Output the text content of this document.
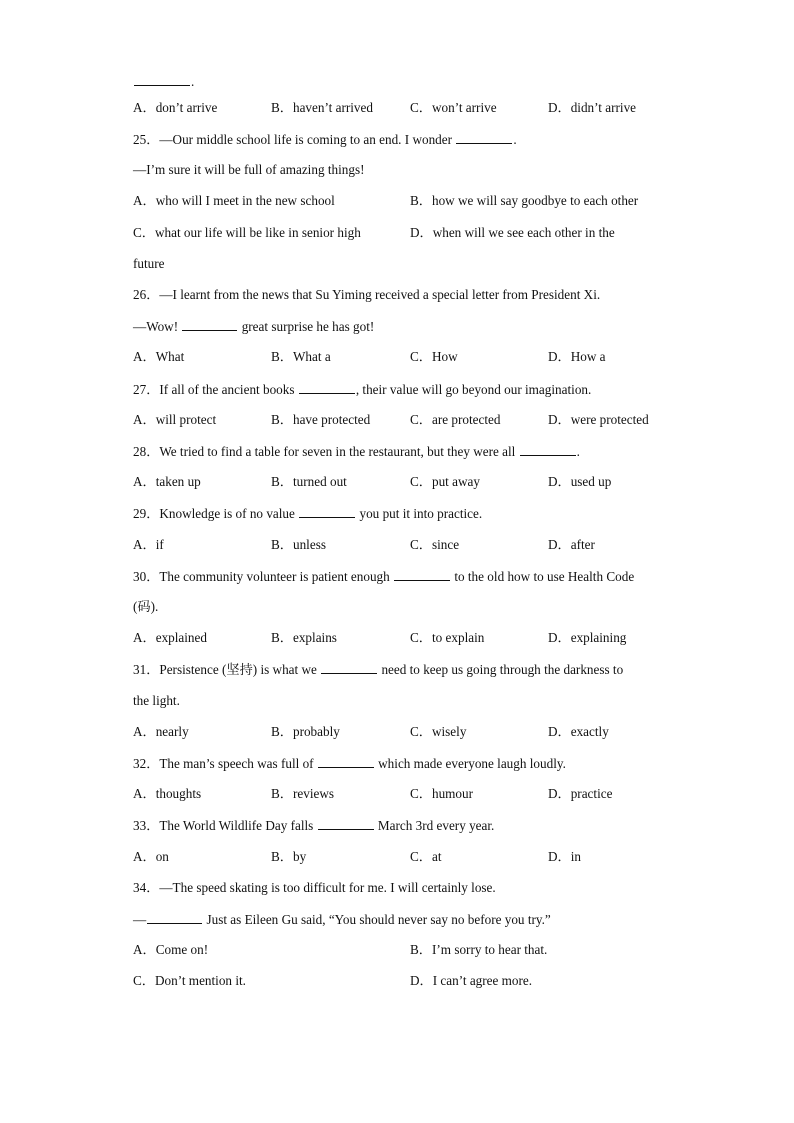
.
A．don’t arrive	B．haven’t arrived	C．won’t arrive	D．didn’t arrive
25．—Our middle school life is coming to an end. I wonder	.
—I’m sure it will be full of amazing things!
A．who will I meet in the new school	B．how we will say goodbye to each other
C．what our life will be like in senior high	D．when will we see each other in the
future
26．—I learnt from the news that Su Yiming received a special letter from President Xi.
—Wow!	great surprise he has got!
A．What	B．What a	C．How	D．How a
27．If all of the ancient books	, their value will go beyond our imagination.
A．will protect	B．have protected	C．are protected	D．were protected
28．We tried to find a table for seven in the restaurant, but they were all	.
A．taken up	B．turned out	C．put away	D．used up
29．Knowledge is of no value	you put it into practice.
A．if	B．unless	C．since	D．after
30．The community volunteer is patient enough	to the old how to use Health Code
(码).
A．explained	B．explains	C．to explain	D．explaining
31．Persistence (坚持) is what we	need to keep us going through the darkness to
the light.
A．nearly	B．probably	C．wisely	D．exactly
32．The man’s speech was full of	which made everyone laugh loudly.
A．thoughts	B．reviews	C．humour	D．practice
33．The World Wildlife Day falls	March 3rd every year.
A．on	B．by	C．at	D．in
34．—The speed skating is too difficult for me. I will certainly lose.
—	Just as Eileen Gu said, “You should never say no before you try.”
A．Come on!	B．I’m sorry to hear that.
C．Don’t mention it.	D．I can’t agree more.
